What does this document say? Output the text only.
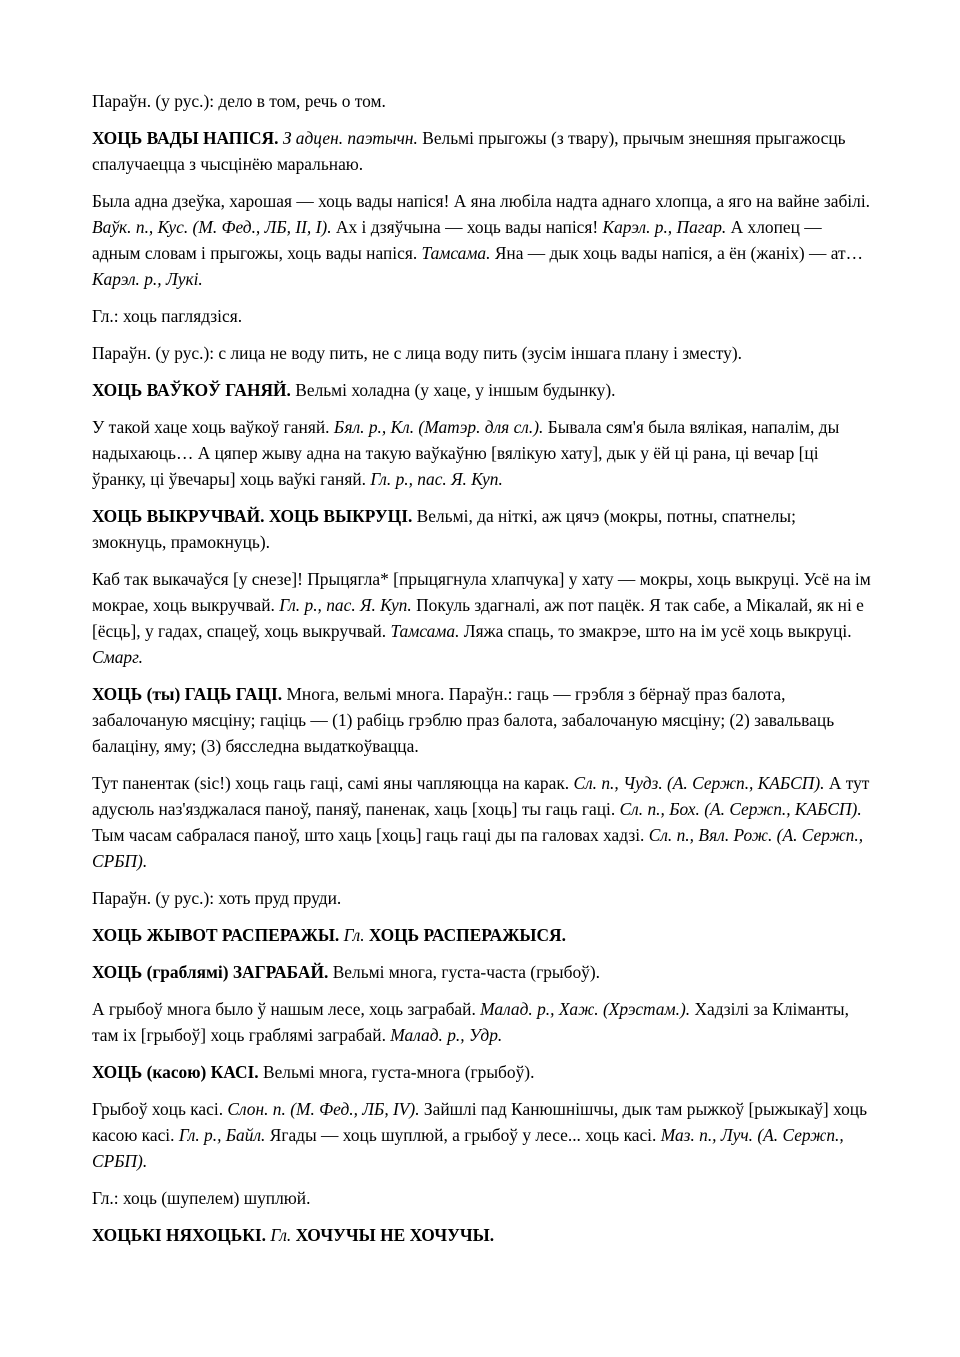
Параўн. (у рус.): дело в том, речь о том.

ХОЦЬ ВАДЫ НАПІСЯ. З адцен. паэтычн. Вельмі прыгожы (з твару), прычым знешняя прыгажосць спалучаецца з чысцінёю маральнаю.

Была адна дзеўка, харошая — хоць вады напіся! А яна любіла надта аднаго хлопца, а яго на вайне забілі. Ваўк. п., Кус. (М. Фед., ЛБ, II, I). Ах і дзяўчына — хоць вады напіся! Карэл. р., Пагар. А хлопец — адным словам і прыгожы, хоць вады напіся. Тамсама. Яна — дык хоць вады напіся, а ён (жаніх) — ат… Карэл. р., Лукі.

Гл.: хоць паглядзіся.

Параўн. (у рус.): с лица не воду пить, не с лица воду пить (зусім іншага плану і зместу).

ХОЦЬ ВАЎКОЎ ГАНЯЙ. Вельмі холадна (у хаце, у іншым будынку).

У такой хаце хоць ваўкоў ганяй. Бял. р., Кл. (Матэр. для сл.). Бывала сям'я была вялікая, напалім, ды надыхаюць… А цяпер жыву адна на такую ваўкаўню [вялікую хату], дык у ёй ці рана, ці вечар [ці ўранку, ці ўвечары] хоць ваўкі ганяй. Гл. р., пас. Я. Куп.

ХОЦЬ ВЫКРУЧВАЙ. ХОЦЬ ВЫКРУЦІ. Вельмі, да ніткі, аж цячэ (мокры, потны, спатнелы; змокнуць, прамокнуць).

Каб так выкачаўся [у снезе]! Прыцягла* [прыцягнула хлапчука] у хату — мокры, хоць выкруці. Усё на ім мокрае, хоць выкручвай. Гл. р., пас. Я. Куп. Покуль здагналі, аж пот пацёк. Я так сабе, а Мікалай, як ні е [ёсць], у гадах, спацеў, хоць выкручвай. Тамсама. Ляжа спаць, то змакрэе, што на ім усё хоць выкруці. Смарг.

ХОЦЬ (ты) ГАЦЬ ГАЦІ. Многа, вельмі многа. Параўн.: гаць — грэбля з бёрнаў праз балота, забалочаную мясціну; гаціць — (1) рабіць грэблю праз балота, забалочаную мясціну; (2) завальваць балаціну, яму; (3) бясследна выдаткоўвацца.

Тут панентак (sic!) хоць гаць гаці, самі яны чапляюцца на карак. Сл. п., Чудз. (А. Сержп., КАБСП). А тут адусюль наз'язджалася паноў, паняў, паненак, хаць [хоць] ты гаць гаці. Сл. п., Бох. (А. Сержп., КАБСП). Тым часам сабралася паноў, што хаць [хоць] гаць гаці ды па галовах хадзі. Сл. п., Вял. Рож. (А. Сержп., СРБП).

Параўн. (у рус.): хоть пруд пруди.

ХОЦЬ ЖЫВОТ РАСПЕРАЖЫ. Гл. ХОЦЬ РАСПЕРАЖЫСЯ.

ХОЦЬ (граблямі) ЗАГРАБАЙ. Вельмі многа, густа-часта (грыбоў).

А грыбоў многа было ў нашым лесе, хоць заграбай. Малад. р., Хаж. (Хрэстам.). Хадзілі за Кліманты, там іх [грыбоў] хоць граблямі заграбай. Малад. р., Удр.

ХОЦЬ (касою) КАСІ. Вельмі многа, густа-многа (грыбоў).

Грыбоў хоць касі. Слон. п. (М. Фед., ЛБ, IV). Зайшлі пад Канюшнішчы, дык там рыжкоў [рыжыкаў] хоць касою касі. Гл. р., Байл. Ягады — хоць шуплюй, а грыбоў у лесе... хоць касі. Маз. п., Луч. (А. Сержп., СРБП).

Гл.: хоць (шупелем) шуплюй.

ХОЦЬКІ НЯХОЦЬКІ. Гл. ХОЧУЧЫ НЕ ХОЧУЧЫ.
